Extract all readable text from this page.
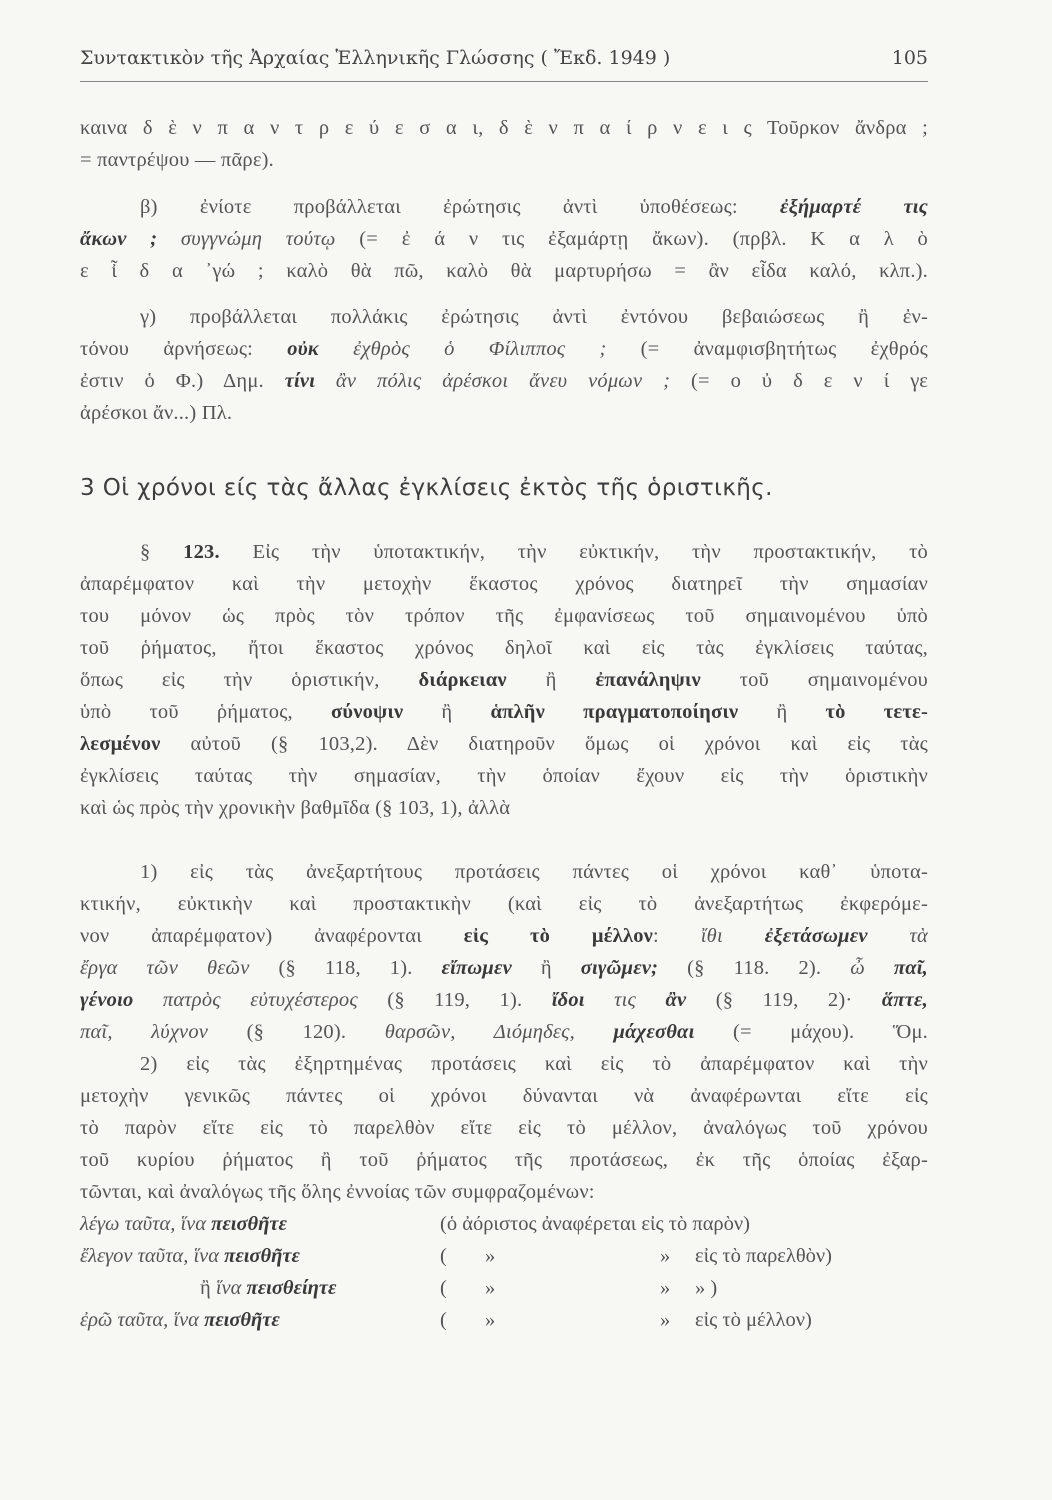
Συντακτικὸν τῆς Ἀρχαίας Ἑλληνικῆς Γλώσσης ( Ἔκδ. 1949 )	105
3 Οἱ χρόνοι είς τὰς ἄλλας ἐγκλίσεις ἐκτὸς τῆς ὁριστικῆς.
καινα δ ὲ ν π α ν τ ρ ε ύ ε σ α ι, δ ὲ ν π α ί ρ ν ε ι ς Τοῦρκον ἄνδρα ;
= παντρέψου — πᾶρε).
β) ἐνίοτε προβάλλεται ἐρώτησις ἀντὶ ὑποθέσεως: ἐξήμαρτέ τις
ἄκων ; συγγνώμη τούτῳ (= ἐ ά ν τις ἐξαμάρτῃ ἄκων). (πρβλ. Κ α λ ὸ
ε ἶ δ α ᾽γώ ; καλὸ θὰ πῶ, καλὸ θὰ μαρτυρήσω = ἂν εἶδα καλό, κλπ.).
γ) προβάλλεται πολλάκις ἐρώτησις ἀντὶ ἐντόνου βεβαιώσεως ἢ ἐν-
τόνου ἀρνήσεως: οὐκ ἐχθρὸς ὁ Φίλιππος ; (= ἀναμφισβητήτως ἐχθρός
ἐστιν ὁ Φ.) Δημ. τίνι ἂν πόλις ἀρέσκοι ἄνευ νόμων ; (= ο ὐ δ ε ν ί γε
ἀρέσκοι ἄν...) Πλ.
§ 123. Εἰς τὴν ὑποτακτικήν, τὴν εὐκτικήν, τὴν προστακτικήν, τὸ
ἀπαρέμφατον καὶ τὴν μετοχὴν ἕκαστος χρόνος διατηρεῖ τὴν σημασίαν
του μόνον ὡς πρὸς τὸν τρόπον τῆς ἐμφανίσεως τοῦ σημαινομένου ὑπὸ
τοῦ ῥήματος, ἤτοι ἕκαστος χρόνος δηλοῖ καὶ εἰς τὰς ἐγκλίσεις ταύτας,
ὅπως εἰς τὴν ὁριστικήν, διάρκειαν ἢ ἐπανάληψιν τοῦ σημαινομένου
ὑπὸ τοῦ ῥήματος, σύνοψιν ἢ ἁπλῆν πραγματοποίησιν ἢ τὸ τετε-
λεσμένον αὐτοῦ (§ 103,2). Δὲν διατηροῦν ὅμως οἱ χρόνοι καὶ εἰς τὰς
ἐγκλίσεις ταύτας τὴν σημασίαν, τὴν ὁποίαν ἔχουν εἰς τὴν ὁριστικὴν
καὶ ὡς πρὸς τὴν χρονικὴν βαθμῖδα (§ 103, 1), ἀλλὰ
1) εἰς τὰς ἀνεξαρτήτους προτάσεις πάντες οἱ χρόνοι καθ᾽ ὑποτα-
κτικήν, εὐκτικὴν καὶ προστακτικὴν (καὶ εἰς τὸ ἀνεξαρτήτως ἐκφερόμε-
νον ἀπαρέμφατον) ἀναφέρονται εἰς τὸ μέλλον: ἴθι ἐξετάσωμεν τὰ
ἔργα τῶν θεῶν (§ 118, 1). εἴπωμεν ἢ σιγῶμεν; (§ 118. 2). ὦ παῖ,
γένοιο πατρὸς εὐτυχέστερος (§ 119, 1). ἴδοι τις ἂν (§ 119, 2)· ἅπτε,
παῖ, λύχνον (§ 120). θαρσῶν, Διόμηδες, μάχεσθαι (= μάχου). Ὅμ.
2) εἰς τὰς ἐξηρτημένας προτάσεις καὶ εἰς τὸ ἀπαρέμφατον καὶ τὴν
μετοχὴν γενικῶς πάντες οἱ χρόνοι δύνανται νὰ ἀναφέρωνται εἴτε εἰς
τὸ παρὸν εἴτε εἰς τὸ παρελθὸν εἴτε εἰς τὸ μέλλον, ἀναλόγως τοῦ χρόνου
τοῦ κυρίου ῥήματος ἢ τοῦ ῥήματος τῆς προτάσεως, ἐκ τῆς ὁποίας ἐξαρ-
τῶνται, καὶ ἀναλόγως τῆς ὅλης ἐννοίας τῶν συμφραζομένων:
λέγω ταῦτα, ἵνα πεισθῆτε	(ὁ ἀόριστος ἀναφέρεται εἰς τὸ παρὸν)
ἔλεγον ταῦτα, ἵνα πεισθῆτε	( »	» εἰς τὸ παρελθὸν)
ἢ ἵνα πεισθείητε	( »	» » )
ἐρῶ ταῦτα, ἵνα πεισθῆτε	( »	» εἰς τὸ μέλλον)
